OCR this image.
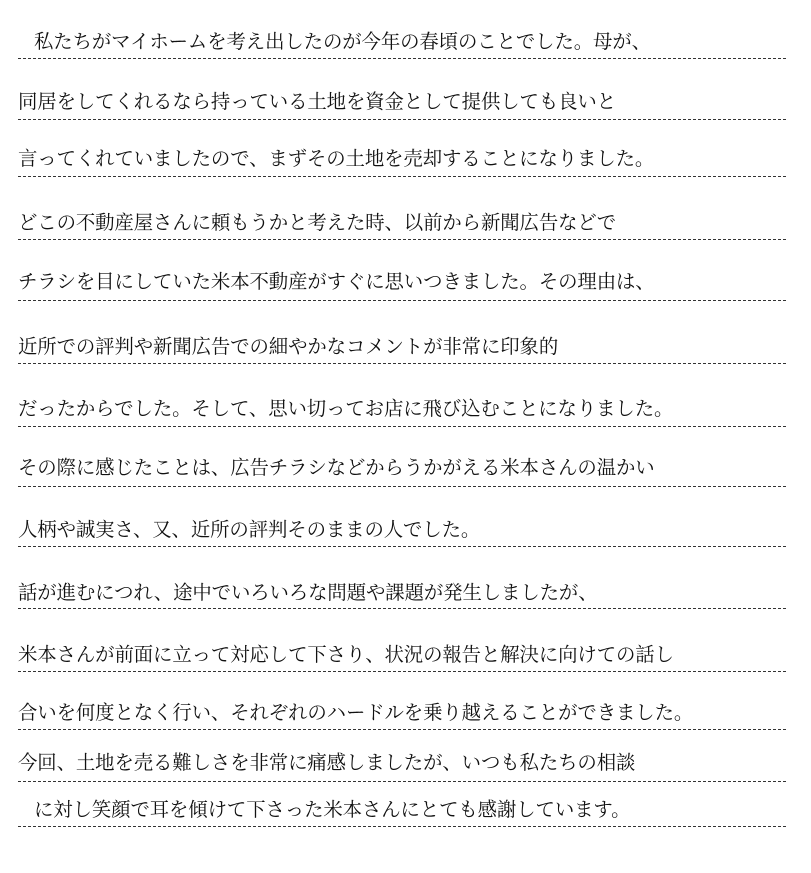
私たちがマイホームを考え出したのが今年の春頃のことでした。母が、
同居をしてくれるなら持っている土地を資金として提供しても良いと
言ってくれていましたので、まずその土地を売却することになりました。
どこの不動産屋さんに頼もうかと考えた時、以前から新聞広告などで
チラシを目にしていた米本不動産がすぐに思いつきました。その理由は、
近所での評判や新聞広告での細やかなコメントが非常に印象的
だったからでした。そして、思い切ってお店に飛び込むことになりました。
その際に感じたことは、広告チラシなどからうかがえる米本さんの温かい
人柄や誠実さ、又、近所の評判そのままの人でした。
話が進むにつれ、途中でいろいろな問題や課題が発生しましたが、
米本さんが前面に立って対応して下さり、状況の報告と解決に向けての話し
合いを何度となく行い、それぞれのハードルを乗り越えることができました。
今回、土地を売る難しさを非常に痛感しましたが、いつも私たちの相談
に対し笑顔で耳を傾けて下さった米本さんにとても感謝しています。
